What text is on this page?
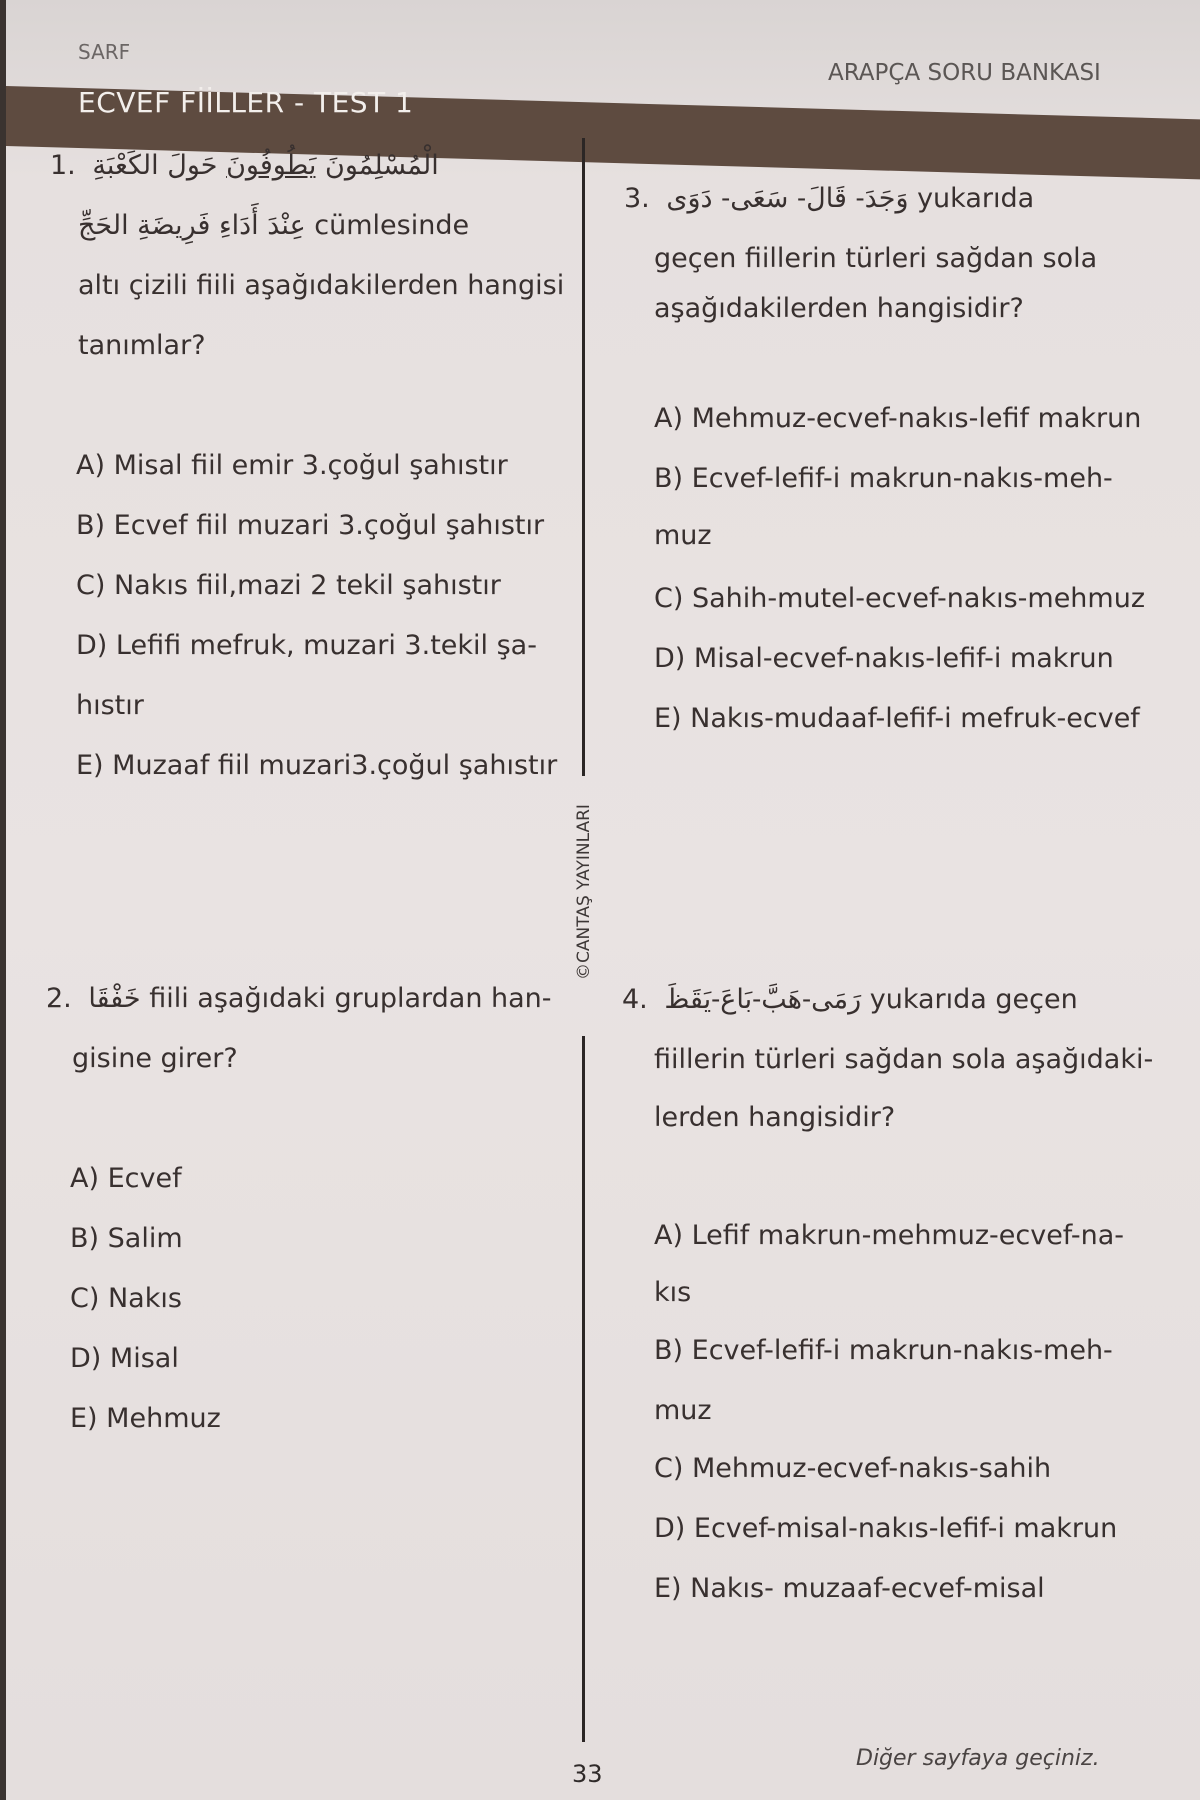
SARF
ARAPÇA SORU BANKASI
ECVEF FİİLLER - TEST 1
©CANTAŞ YAYINLARI
1.	الْمُسْلِمُونَ يَطُوفُونَ حَولَ الكَعْبَةِ
عِنْدَ أَدَاءِ فَرِيضَةِ الحَجِّ cümlesinde
altı çizili fiili aşağıdakilerden hangisi
tanımlar?
A) Misal fiil emir 3.çoğul şahıstır
B) Ecvef fiil muzari 3.çoğul şahıstır
C) Nakıs fiil,mazi 2 tekil şahıstır
D) Lefifi mefruk, muzari 3.tekil şa-
hıstır
E) Muzaaf fiil muzari3.çoğul şahıstır
2. خَفْقَا fiili aşağıdaki gruplardan han-
gisine girer?
A) Ecvef
B) Salim
C) Nakıs
D) Misal
E) Mehmuz
3. وَجَدَ- قَالَ- سَعَى- دَوَى yukarıda
geçen fiillerin türleri sağdan sola
aşağıdakilerden hangisidir?
A) Mehmuz-ecvef-nakıs-lefif makrun
B) Ecvef-lefif-i makrun-nakıs-meh-
muz
C) Sahih-mutel-ecvef-nakıs-mehmuz
D) Misal-ecvef-nakıs-lefif-i makrun
E) Nakıs-mudaaf-lefif-i mefruk-ecvef
4. رَمَى-هَبَّ-بَاعَ-يَقَظَ yukarıda geçen
fiillerin türleri sağdan sola aşağıdaki-
lerden hangisidir?
A) Lefif makrun-mehmuz-ecvef-na-
kıs
B) Ecvef-lefif-i makrun-nakıs-meh-
muz
C) Mehmuz-ecvef-nakıs-sahih
D) Ecvef-misal-nakıs-lefif-i makrun
E) Nakıs- muzaaf-ecvef-misal
33
Diğer sayfaya geçiniz.
